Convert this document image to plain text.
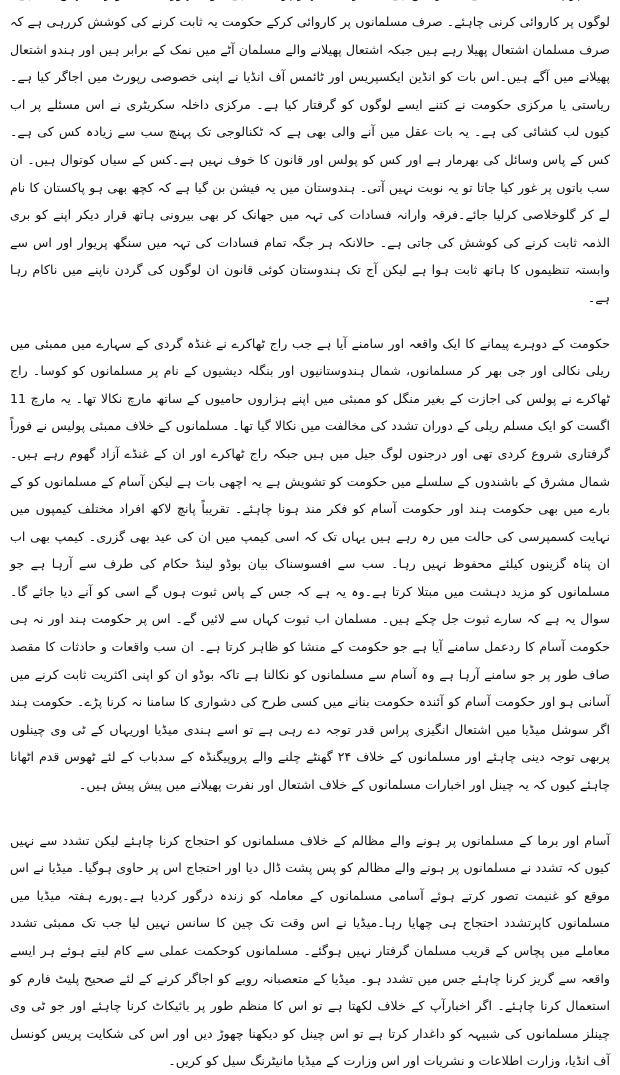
لوگوں پر کاروائی کرنی چاہئے۔ صرف مسلمانوں پر کاروائی کرکے حکومت یہ ثابت کرنے کی کوشش کررہی ہے کہ صرف مسلمان اشتعال پھیلا رہے ہیں جبکہ اشتعال پھیلانے والے مسلمان آٹے میں نمک کے برابر ہیں اور ہندو اشتعال پھیلانے میں آگے ہیں۔اس بات کو انڈین ایکسپریس اور ٹائمس آف انڈیا نے اپنی خصوصی رپورٹ میں اجاگر کیا ہے۔ریاستی یا مرکزی حکومت نے کتنے ایسے لوگوں کو گرفتار کیا ہے۔ مرکزی داخلہ سکریٹری نے اس مسئلے پر اب کیوں لب کشائی کی ہے۔ یہ بات عقل میں آنے والی بھی ہے کہ ٹکنالوجی تک پہنچ سب سے زیادہ کس کی ہے۔ کس کے پاس وسائل کی بھرمار ہے اور کس کو پولس اور قانون کا خوف نہیں ہے۔کس کے سیاں کوتوال ہیں۔ ان سب باتوں پر غور کیا جاتا تو یہ نوبت نہیں آتی۔ ہندوستان میں یہ فیشن بن گیا ہے کہ کچھ بھی ہو پاکستان کا نام لے کر گلوخلاصی کرلیا جائے۔فرقہ وارانہ فسادات کی تہہ میں جھانک کر بھی بیرونی ہاتھ قرار دیکر اپنے کو بری الذمہ ثابت کرنے کی کوشش کی جاتی ہے۔ حالانکہ ہر جگہ تمام فسادات کی تہہ میں سنگھ پریوار اور اس سے وابستہ تنظیموں کا ہاتھ ثابت ہوا ہے لیکن آج تک ہندوستان کوئی قانون ان لوگوں کی گردن ناپنے میں ناکام رہا ہے۔

حکومت کے دوہرے پیمانے کا ایک واقعہ اور سامنے آیا ہے جب راج ٹھاکرے نے غنڈہ گردی کے سہارے میں ممبئی میں ریلی نکالی اور جی بھر کر مسلمانوں، شمال ہندوستانیوں اور بنگلہ دیشیوں کے نام پر مسلمانوں کو کوسا۔ راج ٹھاکرے نے پولس کی اجازت کے بغیر منگل کو ممبئی میں اپنے ہزاروں حامیوں کے ساتھ مارچ نکالا تھا۔ یہ مارچ 11 اگست کو ایک مسلم ریلی کے دوران تشدد کی مخالفت میں نکالا گیا تھا۔ مسلمانوں کے خلاف ممبئی پولیس نے فوراً گرفتاری شروع کردی تھی اور درجنوں لوگ جیل میں ہیں جبکہ راج ٹھاکرے اور ان کے غنڈے آزاد گھوم رہے ہیں۔ شمال مشرق کے باشندوں کے سلسلے میں حکومت کو تشویش ہے یہ اچھی بات ہے لیکن آسام کے مسلمانوں کو کے بارے میں بھی حکومت ہند اور حکومت آسام کو فکر مند ہونا چاہئے۔ تقریباً پانچ لاکھ افراد مختلف کیمپوں میں نہایت کسمپرسی کی حالت میں رہ رہے ہیں یہاں تک کہ اسی کیمپ میں ان کی عید بھی گزری۔ کیمپ بھی اب ان پناہ گزینوں کیلئے محفوظ نہیں رہا۔ سب سے افسوسناک بیان بوڈو لینڈ حکام کی طرف سے آرہا ہے جو مسلمانوں کو مزید دہشت میں مبتلا کرتا ہے۔وہ یہ ہے کہ جس کے پاس ثبوت ہوں گے اسی کو آنے دیا جائے گا۔ سوال یہ ہے کہ سارے ثبوت جل چکے ہیں۔ مسلمان اب ثبوت کہاں سے لائیں گے۔ اس پر حکومت ہند اور نہ ہی حکومت آسام کا ردعمل سامنے آیا ہے جو حکومت کے منشا کو ظاہر کرتا ہے۔ ان سب واقعات و حادثات کا مقصد صاف طور پر جو سامنے آرہا ہے وہ آسام سے مسلمانوں کو نکالنا ہے تاکہ بوڈو ان کو اپنی اکثریت ثابت کرنے میں آسانی ہو اور حکومت آسام کو آئندہ حکومت بنانے میں کسی طرح کی دشواری کا سامنا نہ کرنا پڑے۔ حکومت ہند اگر سوشل میڈیا میں اشتعال انگیزی پراس قدر توجہ دے رہی ہے تو اسے ہندی میڈیا اوریہاں کے ٹی وی چینلوں پربھی توجہ دینی چاہئے اور مسلمانوں کے خلاف ۲۴ گھنٹے چلنے والے پروپیگنڈہ کے سدباب کے لئے ٹھوس قدم اٹھانا چاہئے کیوں کہ یہ چینل اور اخبارات مسلمانوں کے خلاف اشتعال اور نفرت پھیلانے میں پیش پیش ہیں۔

آسام اور برما کے مسلمانوں پر ہونے والے مظالم کے خلاف مسلمانوں کو احتجاج کرنا چاہئے لیکن تشدد سے نہیں کیوں کہ تشدد نے مسلمانوں پر ہونے والے مظالم کو پس پشت ڈال دیا اور احتجاج اس پر حاوی ہوگیا۔ میڈیا نے اس موقع کو غنیمت تصور کرتے ہوئے آسامی مسلمانوں کے معاملہ کو زندہ درگور کردیا ہے۔پورے ہفتہ میڈیا میں مسلمانوں کاپرتشدد احتجاج ہی چھایا رہا۔میڈیا نے اس وقت تک چین کا سانس نہیں لیا جب تک ممبئی تشدد معاملے میں پچاس کے قریب مسلمان گرفتار نہیں ہوگئے۔ مسلمانوں کوحکمت عملی سے کام لیتے ہوئے ہر ایسے واقعہ سے گریز کرنا چاہئے جس میں تشدد ہو۔ میڈیا کے متعصبانہ رویے کو اجاگر کرنے کے لئے صحیح پلیٹ فارم کو استعمال کرنا چاہئے۔ اگر اخبارآپ کے خلاف لکھتا ہے تو اس کا منظم طور پر بائیکاٹ کرنا چاہئے اور جو ٹی وی چینلز مسلمانوں کی شبیہہ کو داغدار کرتا ہے تو اس چینل کو دیکھنا چھوڑ دیں اور اس کی شکایت پریس کونسل آف انڈیا، وزارت اطلاعات و نشریات اور اس وزارت کے میڈیا مانیٹرنگ سیل کو کریں۔
